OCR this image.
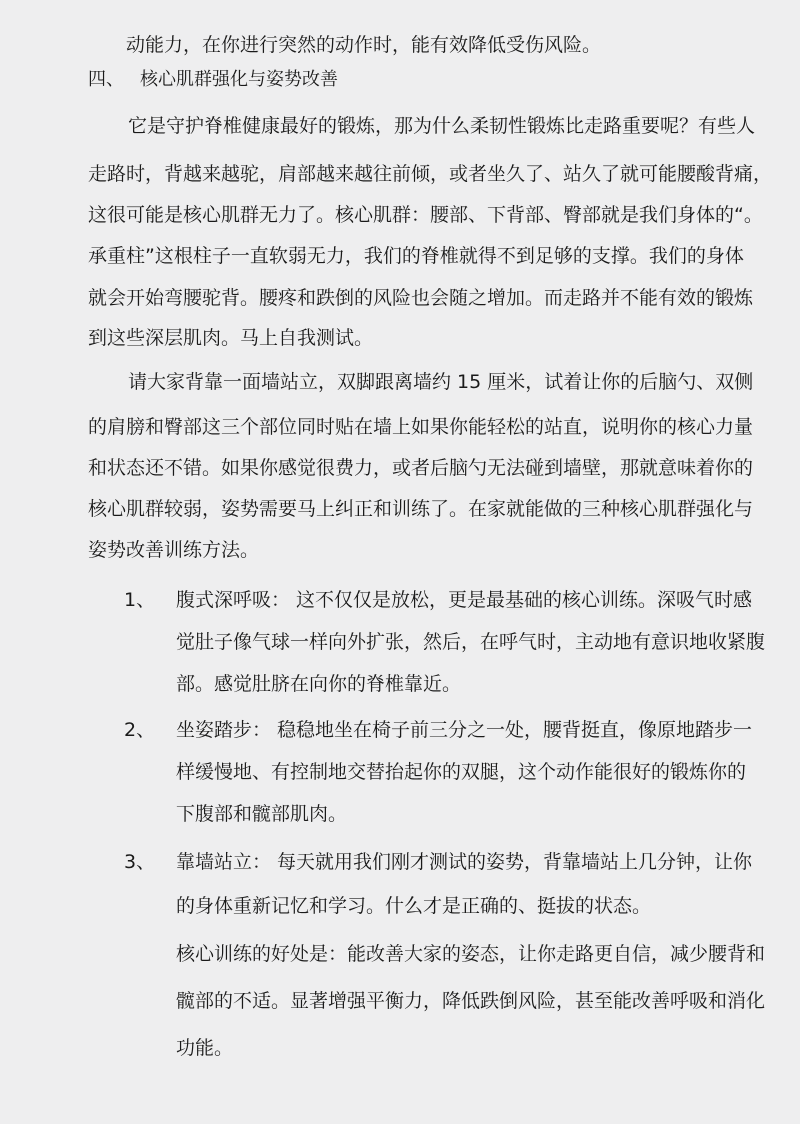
动能力，在你进行突然的动作时，能有效降低受伤风险。

四、 核心肌群强化与姿势改善

它是守护脊椎健康最好的锻炼，那为什么柔韧性锻炼比走路重要呢？有些人

走路时，背越来越驼，肩部越来越往前倾，或者坐久了、站久了就可能腰酸背痛，

这很可能是核心肌群无力了。核心肌群：腰部、下背部、臀部就是我们身体的“。

承重柱”这根柱子一直软弱无力，我们的脊椎就得不到足够的支撑。我们的身体

就会开始弯腰驼背。腰疼和跌倒的风险也会随之增加。而走路并不能有效的锻炼

到这些深层肌肉。马上自我测试。

请大家背靠一面墙站立，双脚跟离墙约 15 厘米，试着让你的后脑勺、双侧

的肩膀和臀部这三个部位同时贴在墙上如果你能轻松的站直，说明你的核心力量

和状态还不错。如果你感觉很费力，或者后脑勺无法碰到墙壁，那就意味着你的

核心肌群较弱，姿势需要马上纠正和训练了。在家就能做的三种核心肌群强化与

姿势改善训练方法。

1、 腹式深呼吸： 这不仅仅是放松，更是最基础的核心训练。深吸气时感

觉肚子像气球一样向外扩张，然后，在呼气时，主动地有意识地收紧腹

部。感觉肚脐在向你的脊椎靠近。

2、 坐姿踏步： 稳稳地坐在椅子前三分之一处，腰背挺直，像原地踏步一

样缓慢地、有控制地交替抬起你的双腿，这个动作能很好的锻炼你的

下腹部和髋部肌肉。

3、 靠墙站立： 每天就用我们刚才测试的姿势，背靠墙站上几分钟，让你

的身体重新记忆和学习。什么才是正确的、挺拔的状态。

核心训练的好处是：能改善大家的姿态，让你走路更自信，减少腰背和

髋部的不适。显著增强平衡力，降低跌倒风险，甚至能改善呼吸和消化

功能。
